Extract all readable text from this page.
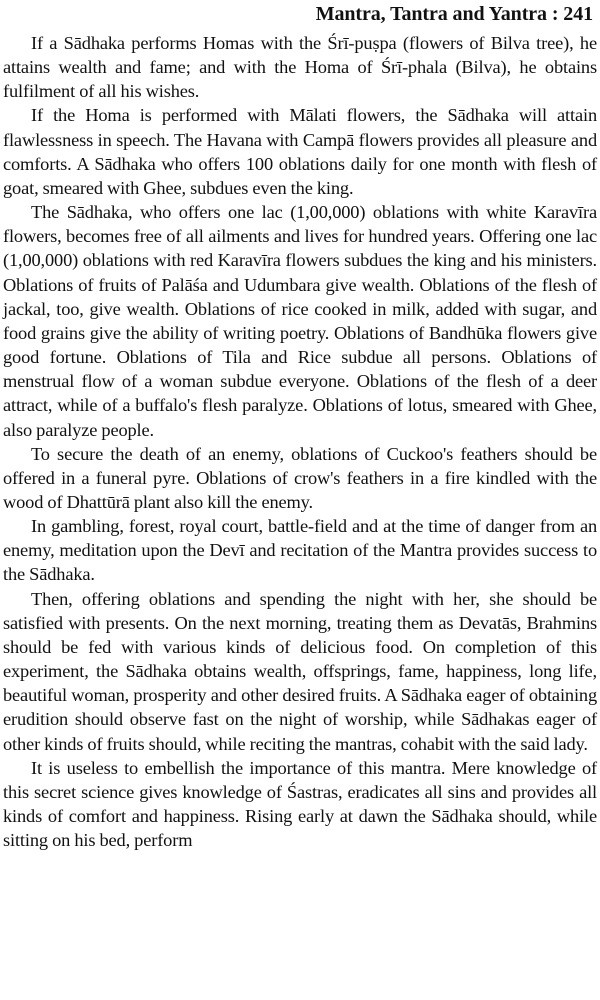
Mantra, Tantra and Yantra : 241

If a Sādhaka performs Homas with the Śrī-puṣpa (flowers of Bilva tree), he attains wealth and fame; and with the Homa of Śrī-phala (Bilva), he obtains fulfilment of all his wishes.

If the Homa is performed with Mālati flowers, the Sādhaka will attain flawlessness in speech. The Havana with Campā flowers provides all pleasure and comforts. A Sādhaka who offers 100 oblations daily for one month with flesh of goat, smeared with Ghee, subdues even the king.

The Sādhaka, who offers one lac (1,00,000) oblations with white Karavīra flowers, becomes free of all ailments and lives for hundred years. Offering one lac (1,00,000) oblations with red Karavīra flowers subdues the king and his ministers. Oblations of fruits of Palāśa and Udumbara give wealth. Oblations of the flesh of jackal, too, give wealth. Oblations of rice cooked in milk, added with sugar, and food grains give the ability of writing poetry. Oblations of Bandhūka flowers give good fortune. Oblations of Tila and Rice subdue all persons. Oblations of menstrual flow of a woman subdue everyone. Oblations of the flesh of a deer attract, while of a buffalo's flesh paralyze. Oblations of lotus, smeared with Ghee, also paralyze people.

To secure the death of an enemy, oblations of Cuckoo's feathers should be offered in a funeral pyre. Oblations of crow's feathers in a fire kindled with the wood of Dhattūrā plant also kill the enemy.

In gambling, forest, royal court, battle-field and at the time of danger from an enemy, meditation upon the Devī and recitation of the Mantra provides success to the Sādhaka.

Then, offering oblations and spending the night with her, she should be satisfied with presents. On the next morning, treating them as Devatās, Brahmins should be fed with various kinds of delicious food. On completion of this experiment, the Sādhaka obtains wealth, offsprings, fame, happiness, long life, beautiful woman, prosperity and other desired fruits. A Sādhaka eager of obtaining erudition should observe fast on the night of worship, while Sādhakas eager of other kinds of fruits should, while reciting the mantras, cohabit with the said lady.

It is useless to embellish the importance of this mantra. Mere knowledge of this secret science gives knowledge of Śastras, eradicates all sins and provides all kinds of comfort and happiness. Rising early at dawn the Sādhaka should, while sitting on his bed, perform
